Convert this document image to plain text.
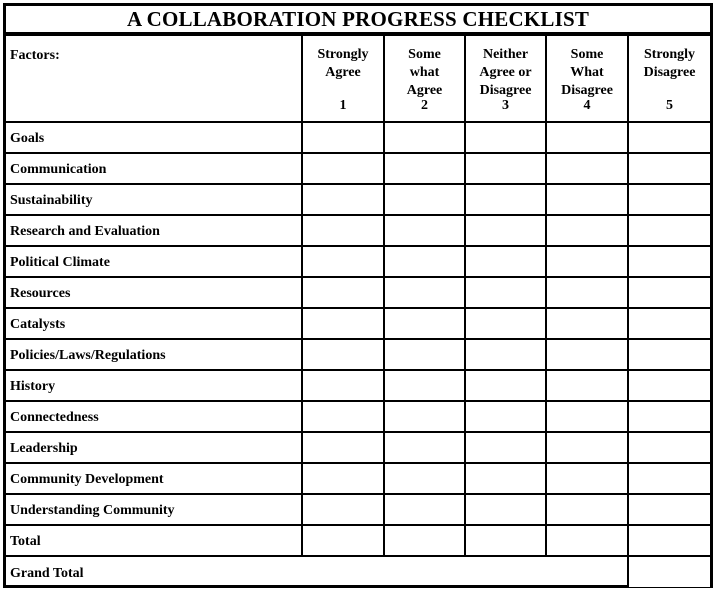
A COLLABORATION PROGRESS CHECKLIST
Factors:	Strongly
Agree
1	Some
what
Agree
2	Neither
Agree or
Disagree
3	Some
What
Disagree
4	Strongly
Disagree
5

Goals					
Communication					
Sustainability					
Research and Evaluation					
Political Climate					
Resources					
Catalysts					
Policies/Laws/Regulations					
History					
Connectedness					
Leadership					
Community Development					
Understanding Community					
Total					
Grand Total					
